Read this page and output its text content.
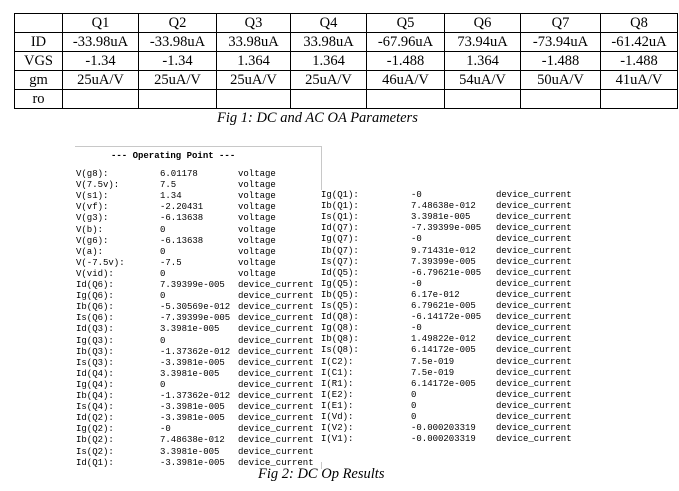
	Q1	Q2	Q3	Q4	Q5	Q6	Q7	Q8
ID	-33.98uA	-33.98uA	33.98uA	33.98uA	-67.96uA	73.94uA	-73.94uA	-61.42uA
VGS	-1.34	-1.34	1.364	1.364	-1.488	1.364	-1.488	-1.488
gm	25uA/V	25uA/V	25uA/V	25uA/V	46uA/V	54uA/V	50uA/V	41uA/V
ro								
Fig 1: DC and AC OA Parameters
--- Operating Point ---
V(g8):	6.01178	voltage
V(7.5v):	7.5	voltage
V(s1):	1.34	voltage
V(vf):	-2.20431	voltage
V(g3):	-6.13638	voltage
V(b):	0	voltage
V(g6):	-6.13638	voltage
V(a):	0	voltage
V(-7.5v):	-7.5	voltage
V(vid):	0	voltage
Id(Q6):	7.39399e-005 device_current
Ig(Q6):	0	device_current
Ib(Q6):	-5.30569e-012 device_current
Is(Q6):	-7.39399e-005 device_current
Id(Q3):	3.3981e-005 device_current
Ig(Q3):	0	device_current
Ib(Q3):	-1.37362e-012 device_current
Is(Q3):	-3.3981e-005 device_current
Id(Q4):	3.3981e-005 device_current
Ig(Q4):	0	device_current
Ib(Q4):	-1.37362e-012 device_current
Is(Q4):	-3.3981e-005 device_current
Id(Q2):	-3.3981e-005 device_current
Ig(Q2):	-0	device_current
Ib(Q2):	7.48638e-012 device_current
Is(Q2):	3.3981e-005 device_current
Id(Q1):	-3.3981e-005 device_current
Ig(Q1):	-0	device_current
Ib(Q1):	7.48638e-012 device_current
Is(Q1):	3.3981e-005	device_current
Id(Q7):	-7.39399e-005 device_current
Ig(Q7):	-0	device_current
Ib(Q7):	9.71431e-012 device_current
Is(Q7):	7.39399e-005 device_current
Id(Q5):	-6.79621e-005 device_current
Ig(Q5):	-0	device_current
Ib(Q5):	6.17e-012	device_current
Is(Q5):	6.79621e-005 device_current
Id(Q8):	-6.14172e-005 device_current
Ig(Q8):	-0	device_current
Ib(Q8):	1.49822e-012 device_current
Is(Q8):	6.14172e-005 device_current
I(C2):	7.5e-019	device_current
I(C1):	7.5e-019	device_current
I(R1):	6.14172e-005 device_current
I(E2):	0	device_current
I(E1):	0	device_current
I(Vd):	0	device_current
I(V2):	-0.000203319 device_current
I(V1):	-0.000203319 device_current
Fig 2: DC Op Results
